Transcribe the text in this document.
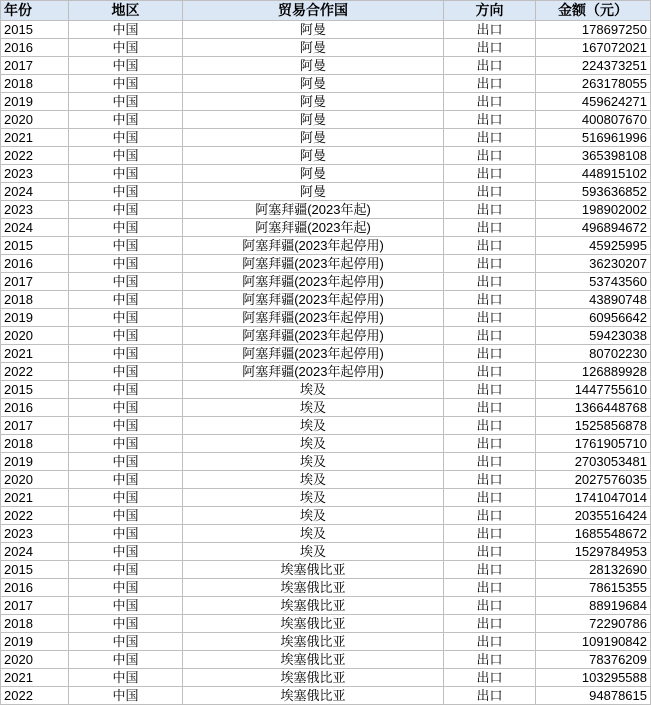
年份	地区	贸易合作国	方向	金额（元）
2015	中国	阿曼	出口	178697250
2016	中国	阿曼	出口	167072021
2017	中国	阿曼	出口	224373251
2018	中国	阿曼	出口	263178055
2019	中国	阿曼	出口	459624271
2020	中国	阿曼	出口	400807670
2021	中国	阿曼	出口	516961996
2022	中国	阿曼	出口	365398108
2023	中国	阿曼	出口	448915102
2024	中国	阿曼	出口	593636852
2023	中国	阿塞拜疆(2023年起)	出口	198902002
2024	中国	阿塞拜疆(2023年起)	出口	496894672
2015	中国	阿塞拜疆(2023年起停用)	出口	45925995
2016	中国	阿塞拜疆(2023年起停用)	出口	36230207
2017	中国	阿塞拜疆(2023年起停用)	出口	53743560
2018	中国	阿塞拜疆(2023年起停用)	出口	43890748
2019	中国	阿塞拜疆(2023年起停用)	出口	60956642
2020	中国	阿塞拜疆(2023年起停用)	出口	59423038
2021	中国	阿塞拜疆(2023年起停用)	出口	80702230
2022	中国	阿塞拜疆(2023年起停用)	出口	126889928
2015	中国	埃及	出口	1447755610
2016	中国	埃及	出口	1366448768
2017	中国	埃及	出口	1525856878
2018	中国	埃及	出口	1761905710
2019	中国	埃及	出口	2703053481
2020	中国	埃及	出口	2027576035
2021	中国	埃及	出口	1741047014
2022	中国	埃及	出口	2035516424
2023	中国	埃及	出口	1685548672
2024	中国	埃及	出口	1529784953
2015	中国	埃塞俄比亚	出口	28132690
2016	中国	埃塞俄比亚	出口	78615355
2017	中国	埃塞俄比亚	出口	88919684
2018	中国	埃塞俄比亚	出口	72290786
2019	中国	埃塞俄比亚	出口	109190842
2020	中国	埃塞俄比亚	出口	78376209
2021	中国	埃塞俄比亚	出口	103295588
2022	中国	埃塞俄比亚	出口	94878615
